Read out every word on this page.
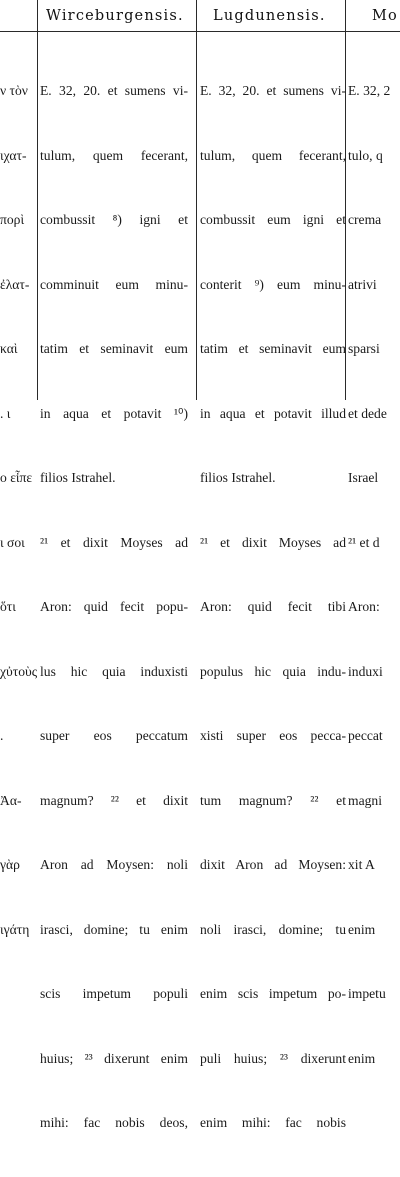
Wirceburgensis. Lugdunensis.	Mo

ν τὸν

ιχατ-

πορὶ

ἐλατ-

καὶ

. ι

ο εἶπε

ι σοι

ὅτι

χὐτοὺς

.

Ἀα-

γὰρ

ιγάτη

E. 32, 20. et sumens vi-

tulum, quem fecerant,

combussit ⁸) igni et

comminuit eum minu-

tatim et seminavit eum

in aqua et potavit ¹⁰)

filios Istrahel.

²¹ et dixit Moyses ad

Aron: quid fecit popu-

lus hic quia induxisti

super eos peccatum

magnum? ²² et dixit

Aron ad Moysen: noli

irasci, domine; tu enim

scis impetum populi

huius; ²³ dixerunt enim

mihi: fac nobis deos,

E. 32, 20. et sumens vi-

tulum, quem fecerant,

combussit eum igni et

conterit ⁹) eum minu-

tatim et seminavit eum

in aqua et potavit illud

filios Istrahel.

²¹ et dixit Moyses ad

Aron: quid fecit tibi

populus hic quia indu-

xisti super eos pecca-

tum magnum? ²² et

dixit Aron ad Moysen:

noli irasci, domine; tu

enim scis impetum po-

puli huius; ²³ dixerunt

enim mihi: fac nobis

E. 32, 2

tulo, q

crema

atrivi

sparsi

et dede

Israel

²¹ et d

Aron:

induxi

peccat

magni

xit A

enim

impetu

enim
